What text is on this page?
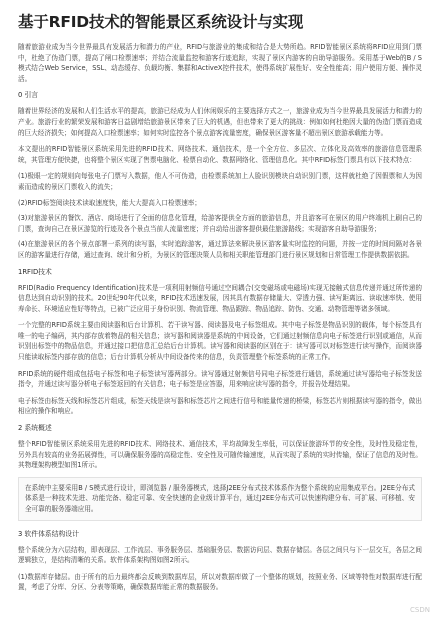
基于RFID技术的智能景区系统设计与实现

随着旅游业成为当今世界最具有发展活力和潜力的产业，RFID与旅游业的集成和结合是大势所趋。RFID智能景区系统将RFID应用到门票中，杜绝了伪造门票，提高了闸口检票速率；并结合流量监控和游客行迹追踪，实现了景区内游客的自助导游服务。采用基于Web的B / S模式结合Web Service，SSL、动态缓存、负载均衡、集群和ActiveX控件技术，使得系统扩展性好、安全性能高；用户使用方便、操作灵活。

0 引言

随着世界经济的发展和人们生活水平的提高，旅游已经成为人们休闲娱乐的主要选择方式之一，旅游业成为当今世界最具发展活力和潜力的产业。旅游行业的繁荣发展和游客日益剧增给旅游景区带来了巨大的机遇，但也带来了更大的挑战：例如如何杜绝因大量的伪造门票而造成的巨大经济损失；如何提高入口检票速率；如何实时监控各个景点游客流量密度，确保景区游客量不超出景区旅游承载能力等。

本文提出的RFID智能景区系统采用先进的RFID技术、网络技术、通信技术，是一个全方位、多层次、立体化及高效率的旅游信息管理系统，其管理方便快捷，也将整个景区实现了售票电脑化、检票自动化、数据网络化、管理信息化。其中RFID标签门票具有以下技术特点：

(1)极眼一定的规则向每张电子门票写入数据，他人不可伪造，由检票系统加上人脸识别模块自动识别门票，这样就杜绝了因假票和人为因素而造成的景区门票收入的流失；

(2)RFID标签阅读技术读取速度快，能大大提高入口检票速率；

(3)对旅游景区的餐饮、酒店、商场进行了全面的信息化管理，给游客提供全方面的旅游信息，并且游客可在景区的用户终端机上刷自己的门票，查询自己在景区游览的行迹及各个景点当前人流量密度；并自动给出游客提供最佳旅游路线；实现游客自助导游服务；

(4)在旅游景区的各个景点部署一系列的读写器，实时追踪游客，通过算法来解决景区游客量实时监控的问题，并按一定的时间间隔对各景区的游客量进行存储，通过查询、统计和分析，为景区的管理决策人员和相关职能管理部门进行景区规划和日常管理工作提供数据依据。

1RFID技术

RFID(Radio Frequency Identification)技术是一项利用射频信号通过空间耦合(交变磁场或电磁场)实现无接触式信息传递并通过所传递的信息达到自动识别的技术。20世纪90年代以来，RFID技术迅速发展，因其具有数据存储量大、穿透力强、读写距离远、读取速率快、使用寿命长、环境适应性好等特点，已被广泛应用于身份识别、物流管理、物品跟踪、物品追踪、防伪、交通、动物管理等诸多领域。

一个完整的RFID系统主要由阅读器和后台计算机、若干读写器、阅读器及电子标签组成。其中电子标签是物品识别的载体，每个标签具有唯一的电子编码，其内部存放着物品的相关信息；读写器和阅读器是系统的中间设备，它们通过射频信息向电子标签进行识别或通信，从而识别出标签中的物品信息，并通过接口把信息汇总给后台计算机。读写器和阅读器的区别在于：读写器可以对标签进行读写操作，而阅读器只能读取标签内部存放的信息；后台计算机分析从中间设备传来的信息，负责管理整个标签系统的正常工作。

RFID系统的硬件组成包括电子标签和电子标签读写器两部分。读写器通过射频信号同电子标签进行通信，系统通过读写器给电子标签发送指令，并通过读写器分析电子标签返回的有关信息；电子标签是应答器，用来响应读写器的指令，并报告处理结果。

电子标签由标签天线和标签芯片组成，标签天线是读写器和标签芯片之间进行信号和能量传递的桥梁，标签芯片则根据读写器的指令，做出相应的操作和响应。

2 系统概述

整个RFID智能景区系统采用先进的RFID技术、网络技术、通信技术，平均故障发生率低，可以保证旅游环节的安全性，及时性及稳定性，另外具有较高的业务拓展弹性，可以确保服务器的高稳定性、安全性及可随传输速度，从而实现了系统的实时传输，保证了信息的及时性。其物理架构模型如图1所示。

在系统中主要采用B / S模式进行设计，即浏览器 / 服务器模式，选择J2EE分布式技术体系作为整个系统的应用集成平台。J2EE分布式体系是一种技术先进、功能完备、稳定可靠、安全快速的企业级计算平台，通过J2EE分布式可以快速构建分布、可扩展、可移植、安全可靠的服务器端应用。

3 软件体系结构设计

整个系统分为六层结构，即表现层、工作流层、事务服务层、基础服务层、数据访问层、数据存储层。各层之间只与下一层交互，各层之间逻辑独立，是结构清晰的关系。软件体系架构图如图2所示。

(1)数据库存储层。由于所有的后力最终都会反映到数据库层，所以对数据库做了一个整体的规划，按照业务、区域等特性对数据库进行配置，考虑了分库、分区、分表等策略，确保数据库能正常的数据服务。

CSDN
